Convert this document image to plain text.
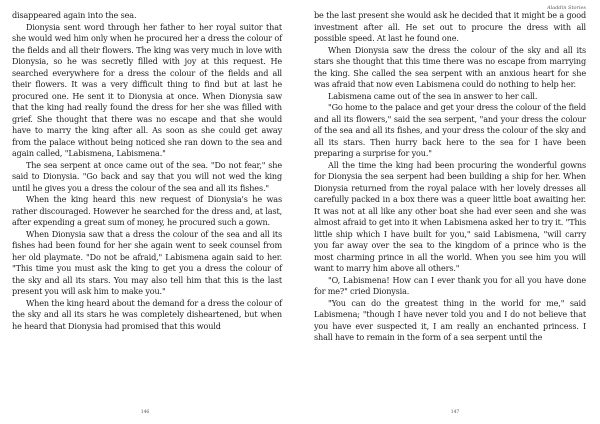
disappeared again into the sea.

Dionysia sent word through her father to her royal suitor that she would wed him only when he procured her a dress the colour of the fields and all their flowers. The king was very much in love with Dionysia, so he was secretly filled with joy at this request. He searched everywhere for a dress the colour of the fields and all their flowers. It was a very difficult thing to find but at last he procured one. He sent it to Dionysia at once. When Dionysia saw that the king had really found the dress for her she was filled with grief. She thought that there was no escape and that she would have to marry the king after all. As soon as she could get away from the palace without being noticed she ran down to the sea and again called, "Labismena, Labismena."

The sea serpent at once came out of the sea. "Do not fear," she said to Dionysia. "Go back and say that you will not wed the king until he gives you a dress the colour of the sea and all its fishes."

When the king heard this new request of Dionysia's he was rather discouraged. However he searched for the dress and, at last, after expending a great sum of money, he procured such a gown.

When Dionysia saw that a dress the colour of the sea and all its fishes had been found for her she again went to seek counsel from her old playmate. "Do not be afraid," Labismena again said to her. "This time you must ask the king to get you a dress the colour of the sky and all its stars. You may also tell him that this is the last present you will ask him to make you."

When the king heard about the demand for a dress the colour of the sky and all its stars he was completely disheartened, but when he heard that Dionysia had promised that this would

146
Aladdin Stories

be the last present she would ask he decided that it might be a good investment after all. He set out to procure the dress with all possible speed. At last he found one.

When Dionysia saw the dress the colour of the sky and all its stars she thought that this time there was no escape from marrying the king. She called the sea serpent with an anxious heart for she was afraid that now even Labismena could do nothing to help her.

Labismena came out of the sea in answer to her call.

"Go home to the palace and get your dress the colour of the field and all its flowers," said the sea serpent, "and your dress the colour of the sea and all its fishes, and your dress the colour of the sky and all its stars. Then hurry back here to the sea for I have been preparing a surprise for you."

All the time the king had been procuring the wonderful gowns for Dionysia the sea serpent had been building a ship for her. When Dionysia returned from the royal palace with her lovely dresses all carefully packed in a box there was a queer little boat awaiting her. It was not at all like any other boat she had ever seen and she was almost afraid to get into it when Labismena asked her to try it. "This little ship which I have built for you," said Labismena, "will carry you far away over the sea to the kingdom of a prince who is the most charming prince in all the world. When you see him you will want to marry him above all others."

"O, Labismena! How can I ever thank you for all you have done for me?" cried Dionysia.

"You can do the greatest thing in the world for me," said Labismena; "though I have never told you and I do not believe that you have ever suspected it, I am really an enchanted princess. I shall have to remain in the form of a sea serpent until the

147
